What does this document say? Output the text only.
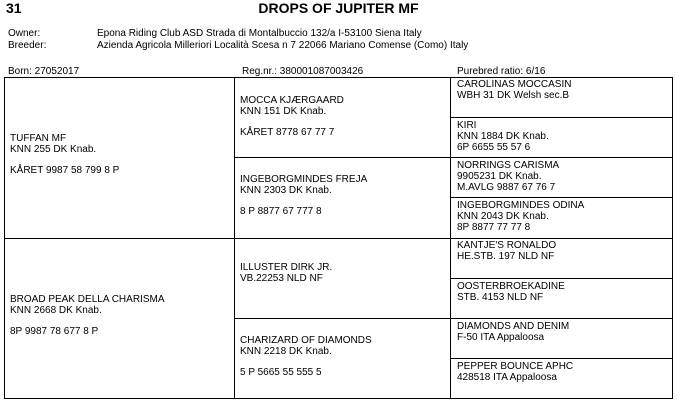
31	DROPS OF JUPITER MF
Owner:	Epona Riding Club ASD Strada di Montalbuccio 132/a I-53100 Siena Italy
Breeder:	Azienda Agricola Milleriori Località Scesa n 7 22066 Mariano Comense (Como) Italy
Born: 27052017	Reg.nr.: 380001087003426	Purebred ratio: 6/16
TUFFAN MF
KNN 255 DK Knab.
KÅRET 9987 58 799 8 P
BROAD PEAK DELLA CHARISMA
KNN 2668 DK Knab.
8P 9987 78 677 8 P
MOCCA KJÆRGAARD
KNN 151 DK Knab.
KÅRET 8778 67 77 7
INGEBORGMINDES FREJA
KNN 2303 DK Knab.
8 P 8877 67 777 8
ILLUSTER DIRK JR.
VB.22253 NLD NF
CHARIZARD OF DIAMONDS
KNN 2218 DK Knab.
5 P 5665 55 555 5
CAROLINAS MOCCASIN
WBH 31 DK Welsh sec.B
KIRI
KNN 1884 DK Knab.
6P 6655 55 57 6
NORRINGS CARISMA
9905231 DK Knab.
M.AVLG 9887 67 76 7
INGEBORGMINDES ODINA
KNN 2043 DK Knab.
8P 8877 77 77 8
KANTJE'S RONALDO
HE.STB. 197 NLD NF
OOSTERBROEKADINE
STB. 4153 NLD NF
DIAMONDS AND DENIM
F-50 ITA Appaloosa
PEPPER BOUNCE APHC
428518 ITA Appaloosa
